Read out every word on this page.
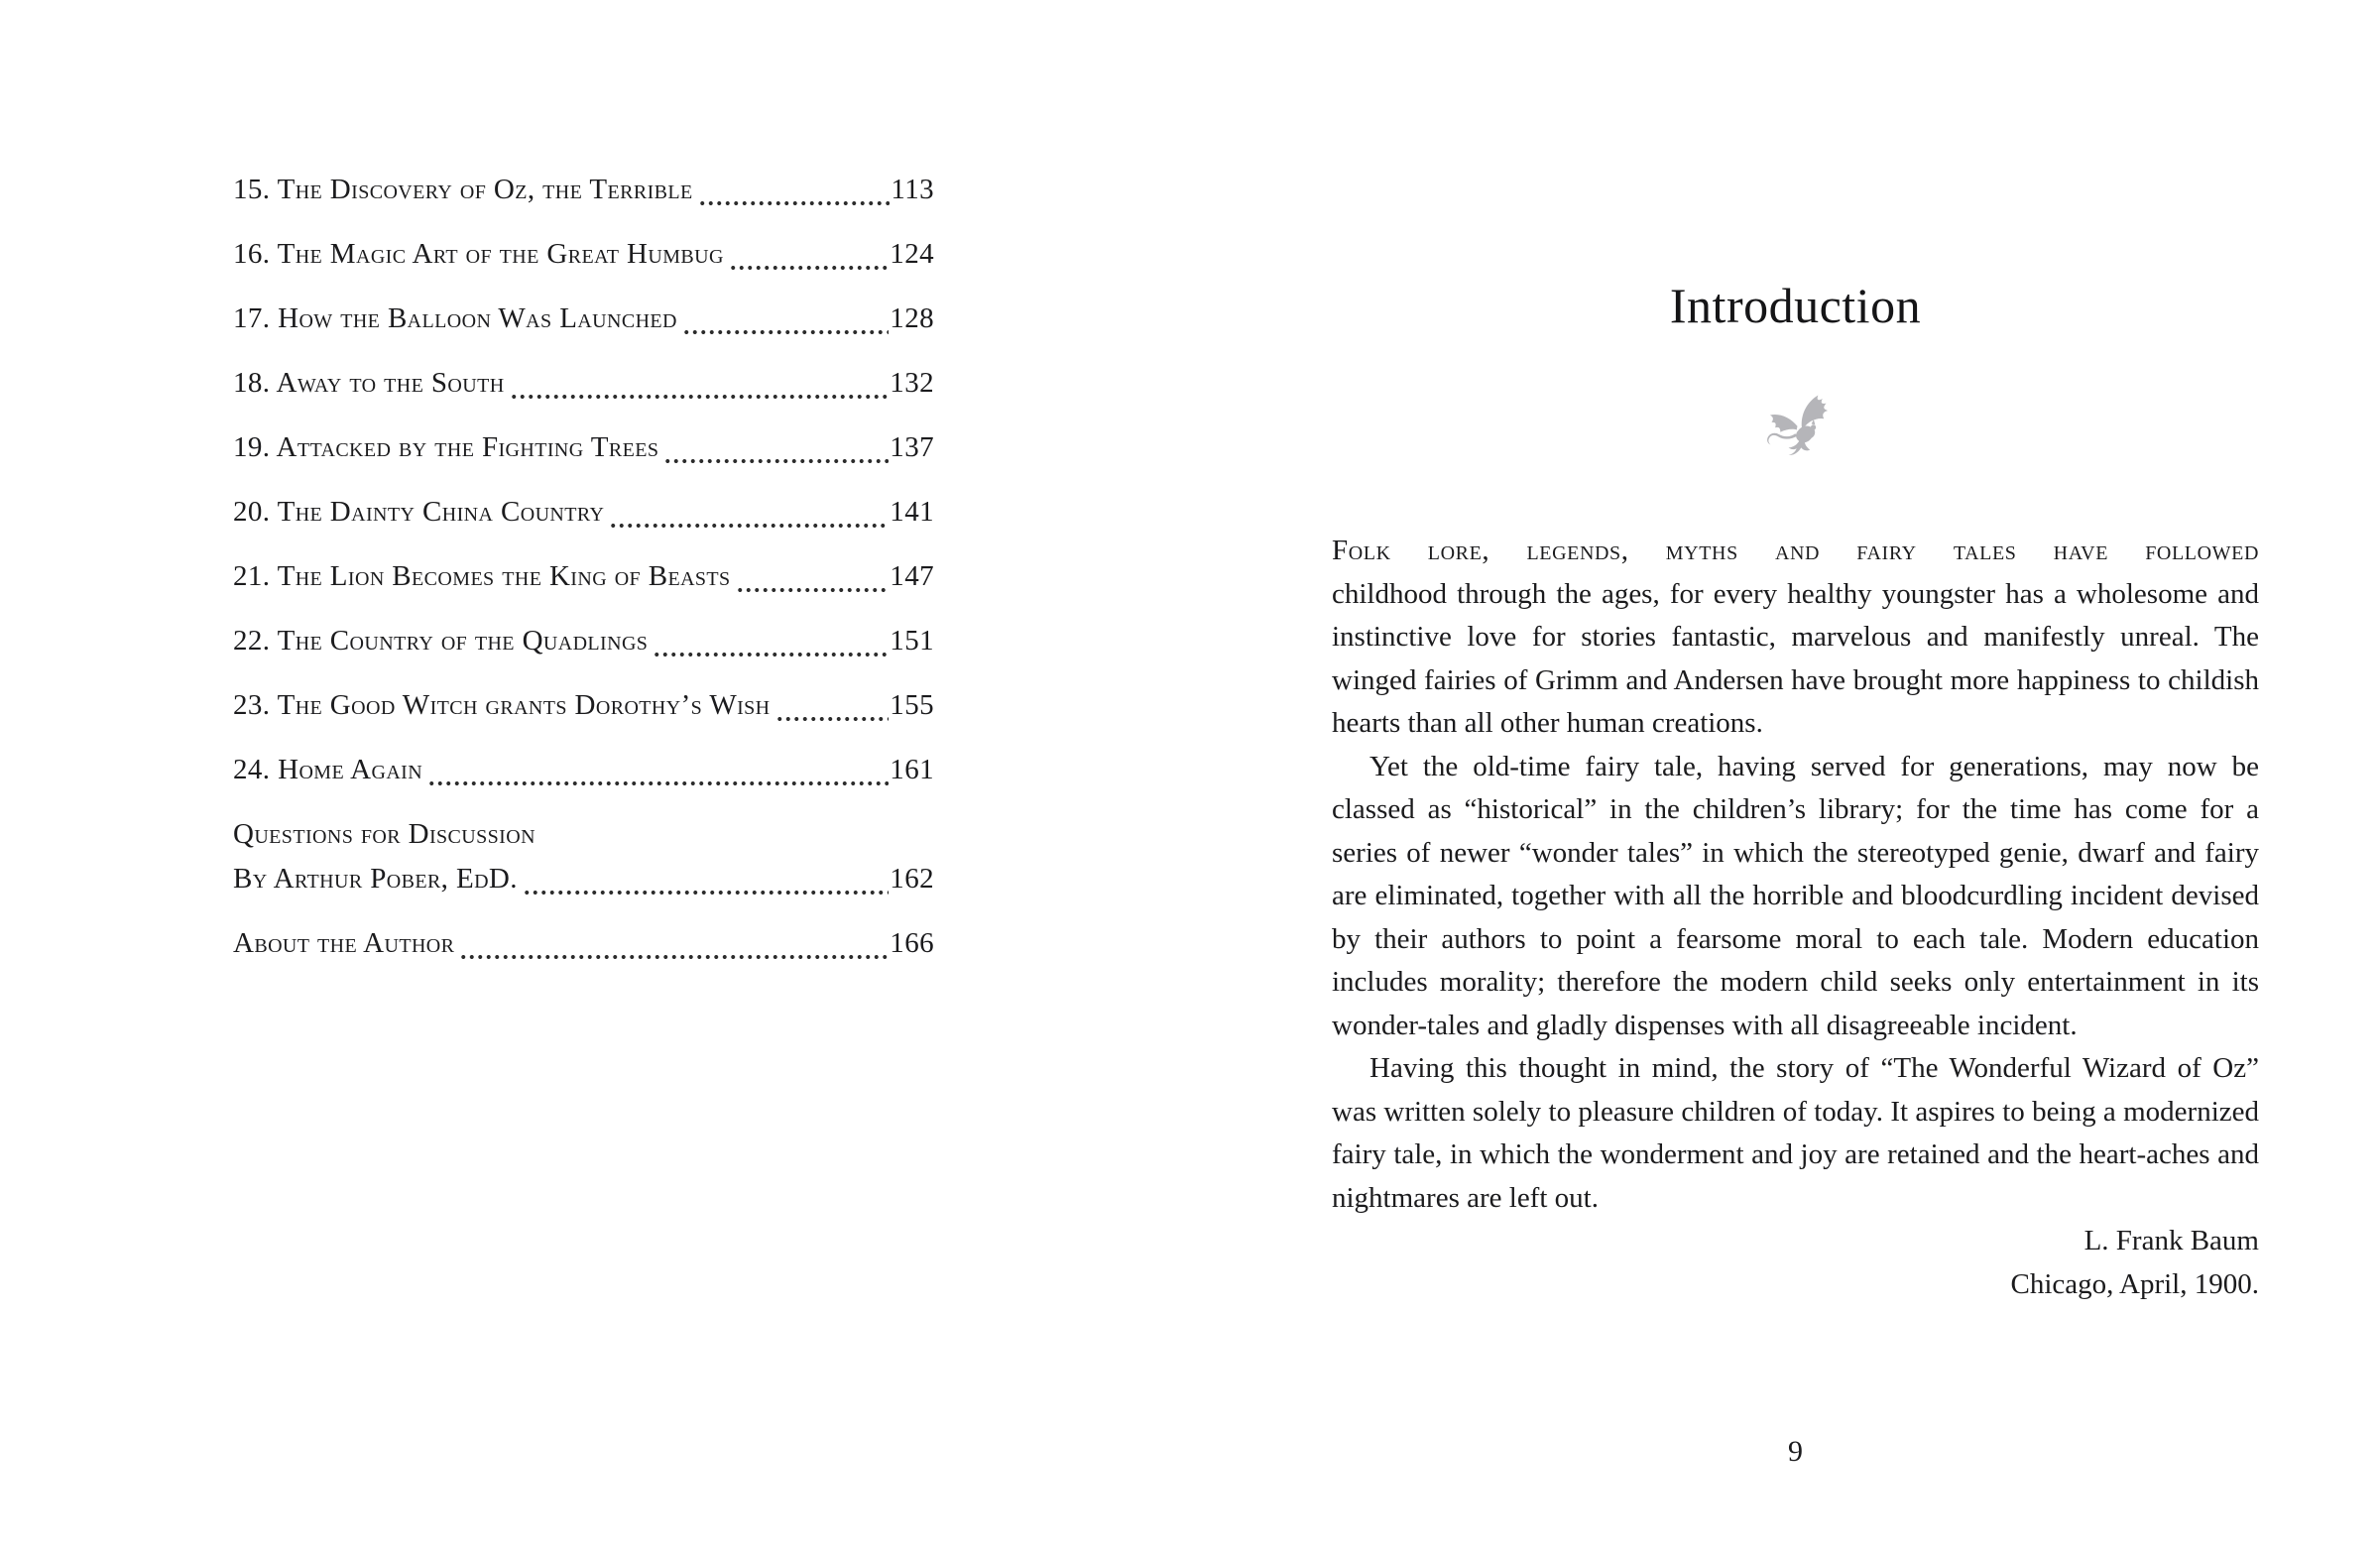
15. The Discovery of Oz, the Terrible	113
16. The Magic Art of the Great Humbug	124
17. How the Balloon Was Launched	128
18. Away to the South	132
19. Attacked by the Fighting Trees	137
20. The Dainty China Country	141
21. The Lion Becomes the King of Beasts	147
22. The Country of the Quadlings	151
23. The Good Witch grants Dorothy’s Wish	155
24. Home Again	161
Questions for Discussion
By Arthur Pober, EdD.	162
About the Author	166
Introduction

Folk lore, legends, myths and fairy tales have followed
childhood through the ages, for every healthy youngster has a wholesome and instinctive love for stories fantastic, marvelous and manifestly unreal. The winged fairies of Grimm and Andersen have brought more happiness to childish hearts than all other human creations.

Yet the old-time fairy tale, having served for generations, may now be classed as “historical” in the children’s library; for the time has come for a series of newer “wonder tales” in which the stereotyped genie, dwarf and fairy are eliminated, together with all the horrible and bloodcurdling incident devised by their authors to point a fearsome moral to each tale. Modern education includes morality; therefore the modern child seeks only entertainment in its wonder-tales and gladly dispenses with all disagreeable incident.

Having this thought in mind, the story of “The Wonderful Wizard of Oz” was written solely to pleasure children of today. It aspires to being a modernized fairy tale, in which the wonderment and joy are retained and the heart-aches and nightmares are left out.

L. Frank Baum
Chicago, April, 1900.
9
